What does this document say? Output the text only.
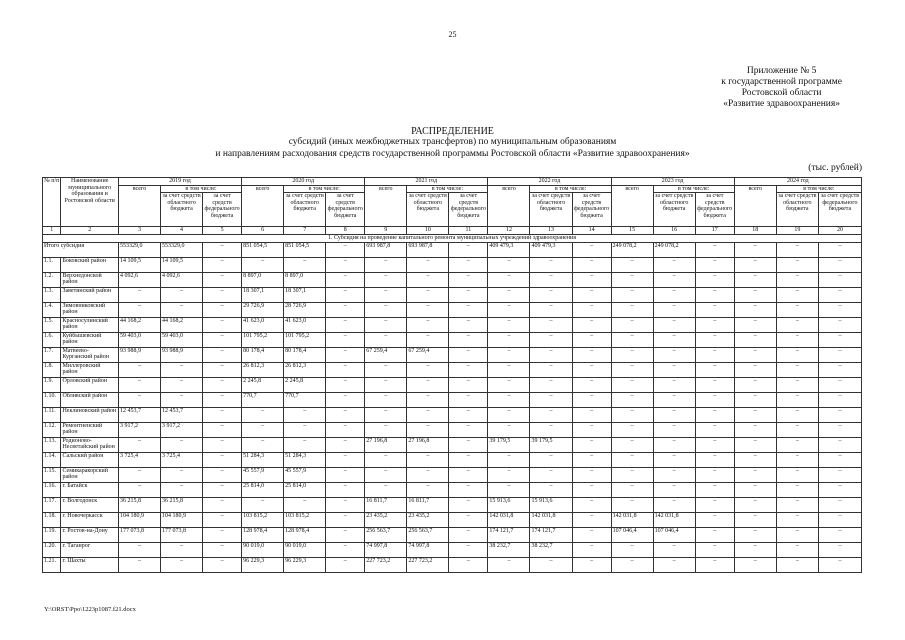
25
Приложение № 5
к государственной программе
Ростовской области
«Развитие здравоохранения»
РАСПРЕДЕЛЕНИЕ
субсидий (иных межбюджетных трансфертов) по муниципальным образованиям
и направлениям расходования средств государственной программы Ростовской области «Развитие здравоохранения»
(тыс. рублей)
№ п/п	Наименование муниципального образования и Ростовской области	2019 год			2020 год			2021 год			2022 год			2023 год			2024 год		
		всего	в том числе:		всего	в том числе:		всего	в том числе:		всего	в том числе:		всего	в том числе:		всего	в том числе:	
			за счет средств областного бюджета	за счет средств федерального бюджета		за счет средств областного бюджета	за счет средств федерального бюджета		за счет средств областного бюджета	за счет средств федерального бюджета		за счет средств областного бюджета	за счет средств федерального бюджета		за счет средств областного бюджета	за счет средств федерального бюджета		за счет средств областного бюджета	за счет средств федерального бюджета
1	2	3	4	5	6	7	8	9	10	11	12	13	14	15	16	17	18	19	20
1. Субсидия на проведение капитального ремонта муниципальных учреждений здравоохранения																			
Итого субсидия		553329,0	553329,0	–	851 054,5	851 054,5	–	693 987,8	693 987,8	–	409 479,3	409 479,3	–	249 078,2	249 078,2	–	–	–	–
1.1.	Боковский район	14 109,5	14 109,5	–	–	–	–	–	–	–	–	–	–	–	–	–	–	–	–
1.2.	Верхнедонской район	4 092,6	4 092,6	–	8 897,0	8 897,0	–	–	–	–	–	–	–	–	–	–	–	–	–
1.3.	Заветинский район	–	–	–	18 307,1	18 307,1	–	–	–	–	–	–	–	–	–	–	–	–	–
1.4.	Зимовниковский район	–	–	–	29 726,9	28 726,9	–	–	–	–	–	–	–	–	–	–	–	–	–
1.5.	Красносулинский район	44 168,2	44 168,2	–	41 623,0	41 623,0	–	–	–	–	–	–	–	–	–	–	–	–	–
1.6.	Куйбышевский район	59 403,0	59 403,0	–	101 795,2	101 795,2	–	–	–	–	–	–	–	–	–	–	–	–	–
1.7.	Матвеево-Курганский район	93 988,9	93 988,9	–	80 178,4	80 178,4	–	67 259,4	67 259,4	–	–	–	–	–	–	–	–	–	–
1.8.	Миллеровский район	–	–	–	26 812,3	26 812,3	–	–	–	–	–	–	–	–	–	–	–	–	–
1.9.	Орловский район	–	–	–	2 245,8	2 245,8	–	–	–	–	–	–	–	–	–	–	–	–	–
1.10.	Обливский район	–	–	–	770,7	770,7	–	–	–	–	–	–	–	–	–	–	–	–	–
1.11.	Неклиновский район	12 453,7	12 453,7	–	–	–	–	–	–	–	–	–	–	–	–	–	–	–	–
1.12.	Ремонтненский район	3 917,2	3 917,2	–	–	–	–	–	–	–	–	–	–	–	–	–	–	–	–
1.13.	Родионово-Несветайский район	–	–	–	–	–	–	27 196,8	27 196,8	–	39 179,5	39 179,5	–	–	–	–	–	–	–
1.14.	Сальский район	3 725,4	3 725,4	–	51 284,3	51 284,3	–	–	–	–	–	–	–	–	–	–	–	–	–
1.15.	Семикаракорский район	–	–	–	45 557,9	45 557,9	–	–	–	–	–	–	–	–	–	–	–	–	–
1.16.	г. Батайск	–	–	–	25 814,0	25 814,0	–	–	–	–	–	–	–	–	–	–	–	–	–
1.17.	г. Волгодонск	36 215,8	36 215,8	–	–	–	–	16 811,7	16 811,7	–	15 913,6	15 913,6	–	–	–	–	–	–	–
1.18.	г. Новочеркасск	104 180,9	104 180,9	–	103 815,2	103 815,2	–	23 435,2	23 435,2	–	142 031,8	142 031,8	–	142 031,8	142 031,8	–	–	–	–
1.19.	г. Ростов-на-Дону	177 073,8	177 073,8	–	128 978,4	128 978,4	–	256 563,7	256 563,7	–	174 121,7	174 121,7	–	107 046,4	107 046,4	–	–	–	–
1.20.	г. Таганрог	–	–	–	90 019,0	90 019,0	–	74 997,8	74 997,8	–	38 232,7	38 232,7	–	–	–	–	–	–	–
1.21.	г. Шахты	–	–	–	96 229,3	96 229,3	–	227 723,2	227 723,2	–	–	–	–	–	–	–	–	–	–
Y:\ORST\Ppo\1223p1087.f21.docx
